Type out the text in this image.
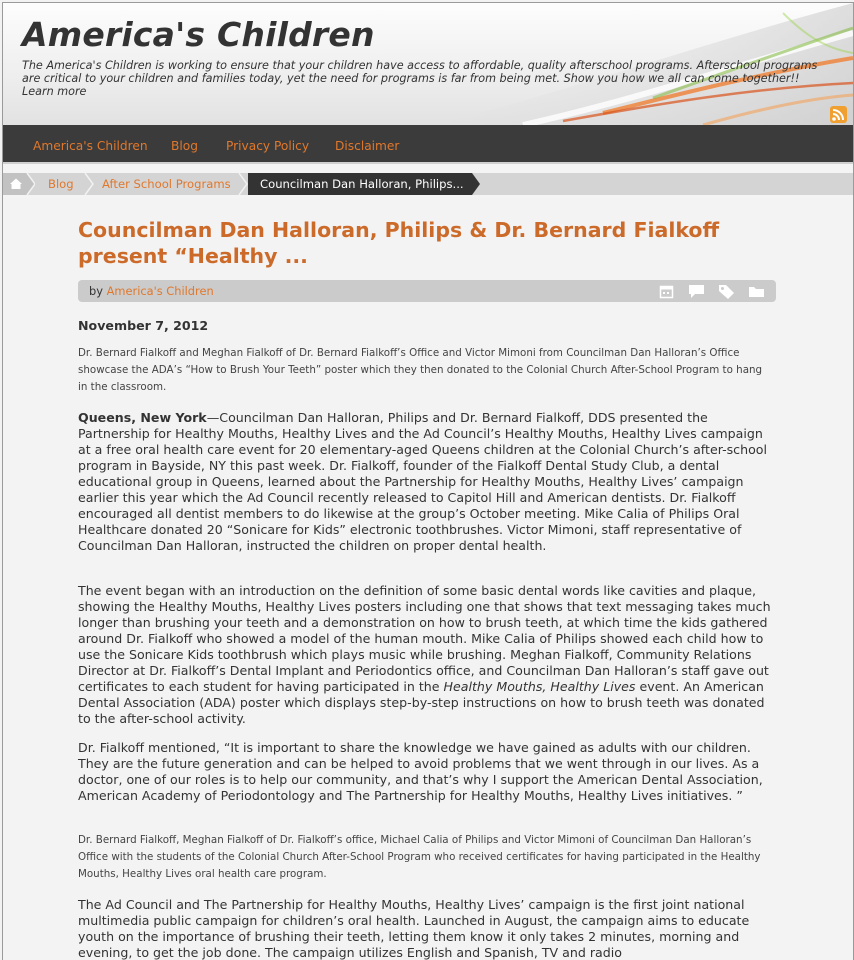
America's Children

The America's Children is working to ensure that your children have access to affordable, quality afterschool programs. Afterschool programs are critical to your children and families today, yet the need for programs is far from being met. Show you how we all can come together!! Learn more

America's Children Blog Privacy Policy Disclaimer
Blog After School Programs	Councilman Dan Halloran, Philips...
Councilman Dan Halloran, Philips & Dr. Bernard Fialkoff present “Healthy ...
by America's Children

November 7, 2012

Dr. Bernard Fialkoff and Meghan Fialkoff of Dr. Bernard Fialkoff’s Office and Victor Mimoni from Councilman Dan Halloran’s Office showcase the ADA’s “How to Brush Your Teeth” poster which they then donated to the Colonial Church After-School Program to hang in the classroom.

Queens, New York—Councilman Dan Halloran, Philips and Dr. Bernard Fialkoff, DDS presented the Partnership for Healthy Mouths, Healthy Lives and the Ad Council’s Healthy Mouths, Healthy Lives campaign at a free oral health care event for 20 elementary-aged Queens children at the Colonial Church’s after-school program in Bayside, NY this past week. Dr. Fialkoff, founder of the Fialkoff Dental Study Club, a dental educational group in Queens, learned about the Partnership for Healthy Mouths, Healthy Lives’ campaign earlier this year which the Ad Council recently released to Capitol Hill and American dentists. Dr. Fialkoff encouraged all dentist members to do likewise at the group’s October meeting. Mike Calia of Philips Oral Healthcare donated 20 “Sonicare for Kids” electronic toothbrushes. Victor Mimoni, staff representative of Councilman Dan Halloran, instructed the children on proper dental health.

The event began with an introduction on the definition of some basic dental words like cavities and plaque, showing the Healthy Mouths, Healthy Lives posters including one that shows that text messaging takes much longer than brushing your teeth and a demonstration on how to brush teeth, at which time the kids gathered around Dr. Fialkoff who showed a model of the human mouth. Mike Calia of Philips showed each child how to use the Sonicare Kids toothbrush which plays music while brushing. Meghan Fialkoff, Community Relations Director at Dr. Fialkoff’s Dental Implant and Periodontics office, and Councilman Dan Halloran’s staff gave out certificates to each student for having participated in the Healthy Mouths, Healthy Lives event. An American Dental Association (ADA) poster which displays step-by-step instructions on how to brush teeth was donated to the after-school activity.

Dr. Fialkoff mentioned, “It is important to share the knowledge we have gained as adults with our children. They are the future generation and can be helped to avoid problems that we went through in our lives. As a doctor, one of our roles is to help our community, and that’s why I support the American Dental Association, American Academy of Periodontology and The Partnership for Healthy Mouths, Healthy Lives initiatives. ”

Dr. Bernard Fialkoff, Meghan Fialkoff of Dr. Fialkoff’s office, Michael Calia of Philips and Victor Mimoni of Councilman Dan Halloran’s Office with the students of the Colonial Church After-School Program who received certificates for having participated in the Healthy Mouths, Healthy Lives oral health care program.

The Ad Council and The Partnership for Healthy Mouths, Healthy Lives’ campaign is the first joint national multimedia public campaign for children’s oral health. Launched in August, the campaign aims to educate youth on the importance of brushing their teeth, letting them know it only takes 2 minutes, morning and evening, to get the job done. The campaign utilizes English and Spanish, TV and radio
